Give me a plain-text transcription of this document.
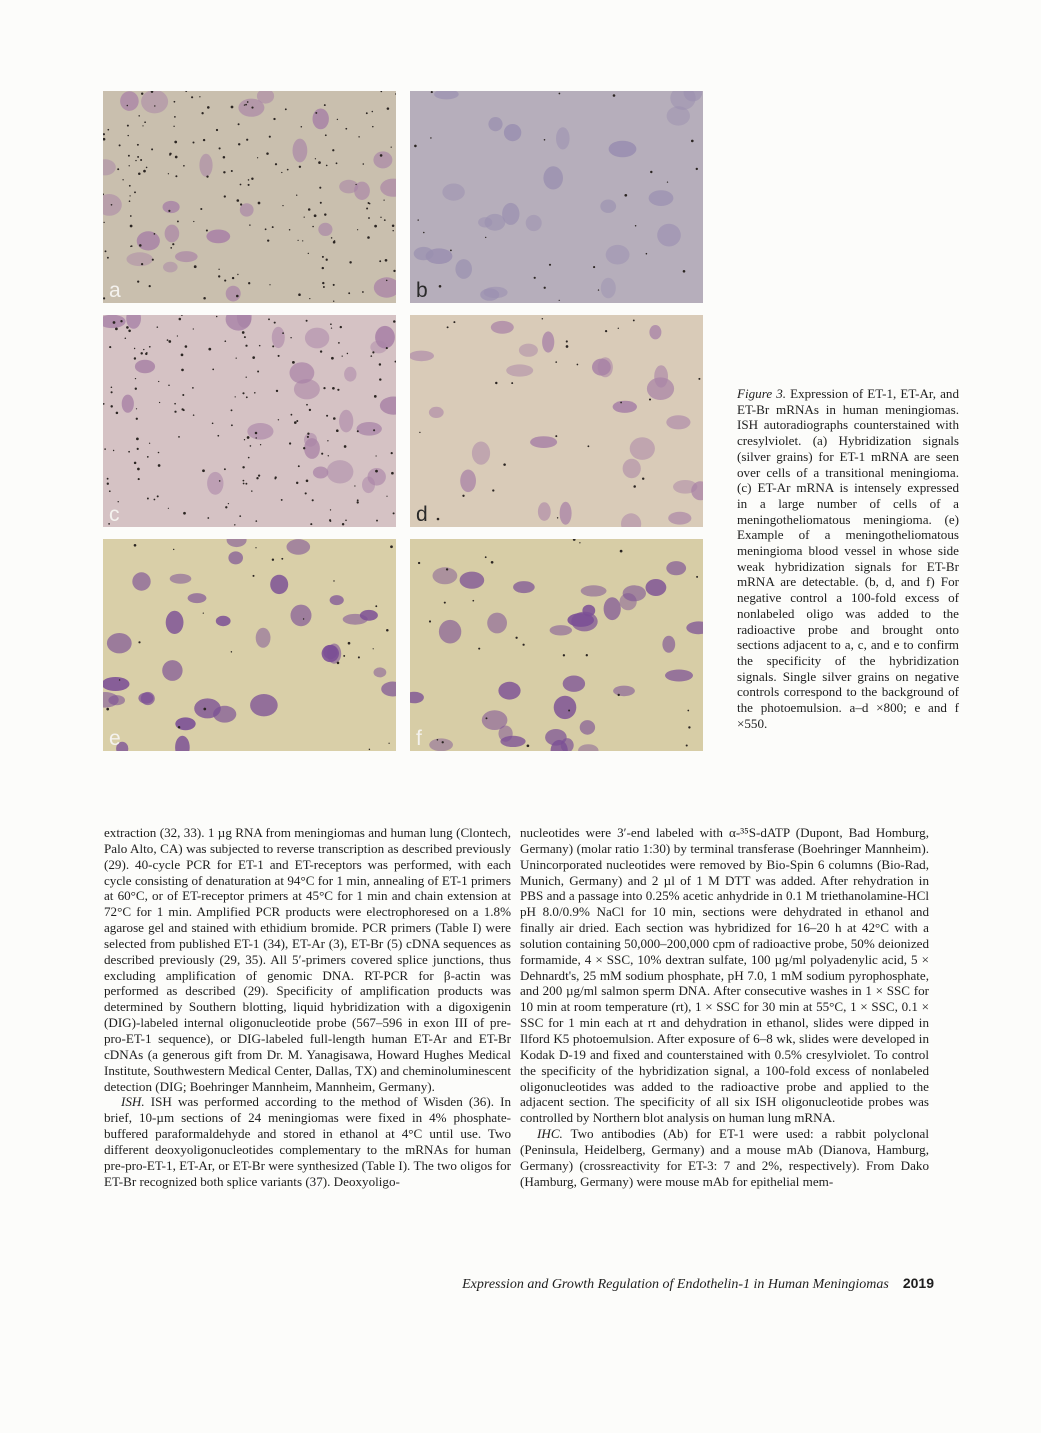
a	b
c	d
e	f
Figure 3. Expression of ET-1, ET-Ar, and ET-Br mRNAs in human meningiomas. ISH autoradiographs counterstained with cresylviolet. (a) Hybridization signals (silver grains) for ET-1 mRNA are seen over cells of a transitional meningioma. (c) ET-Ar mRNA is intensely expressed in a large number of cells of a meningotheliomatous meningioma. (e) Example of a meningotheliomatous meningioma blood vessel in whose side weak hybridization signals for ET-Br mRNA are detectable. (b, d, and f) For negative control a 100-fold excess of nonlabeled oligo was added to the radioactive probe and brought onto sections adjacent to a, c, and e to confirm the specificity of the hybridization signals. Single silver grains on negative controls correspond to the background of the photoemulsion. a–d ×800; e and f ×550.

extraction (32, 33). 1 µg RNA from meningiomas and human lung (Clontech, Palo Alto, CA) was subjected to reverse transcription as described previously (29). 40-cycle PCR for ET-1 and ET-receptors was performed, with each cycle consisting of denaturation at 94°C for 1 min, annealing of ET-1 primers at 60°C, or of ET-receptor primers at 45°C for 1 min and chain extension at 72°C for 1 min. Amplified PCR products were electrophoresed on a 1.8% agarose gel and stained with ethidium bromide. PCR primers (Table I) were selected from published ET-1 (34), ET-Ar (3), ET-Br (5) cDNA sequences as described previously (29, 35). All 5′-primers covered splice junctions, thus excluding amplification of genomic DNA. RT-PCR for β-actin was performed as described (29). Specificity of amplification products was determined by Southern blotting, liquid hybridization with a digoxigenin (DIG)-labeled internal oligonucleotide probe (567–596 in exon III of pre-pro-ET-1 sequence), or DIG-labeled full-length human ET-Ar and ET-Br cDNAs (a generous gift from Dr. M. Yanagisawa, Howard Hughes Medical Institute, Southwestern Medical Center, Dallas, TX) and cheminoluminescent detection (DIG; Boehringer Mannheim, Mannheim, Germany).

ISH. ISH was performed according to the method of Wisden (36). In brief, 10-µm sections of 24 meningiomas were fixed in 4% phosphate-buffered paraformaldehyde and stored in ethanol at 4°C until use. Two different deoxyoligonucleotides complementary to the mRNAs for human pre-pro-ET-1, ET-Ar, or ET-Br were synthesized (Table I). The two oligos for ET-Br recognized both splice variants (37). Deoxyoligo-

nucleotides were 3′-end labeled with α-³⁵S-dATP (Dupont, Bad Homburg, Germany) (molar ratio 1:30) by terminal transferase (Boehringer Mannheim). Unincorporated nucleotides were removed by Bio-Spin 6 columns (Bio-Rad, Munich, Germany) and 2 µl of 1 M DTT was added. After rehydration in PBS and a passage into 0.25% acetic anhydride in 0.1 M triethanolamine-HCl pH 8.0/0.9% NaCl for 10 min, sections were dehydrated in ethanol and finally air dried. Each section was hybridized for 16–20 h at 42°C with a solution containing 50,000–200,000 cpm of radioactive probe, 50% deionized formamide, 4 × SSC, 10% dextran sulfate, 100 µg/ml polyadenylic acid, 5 × Dehnardt's, 25 mM sodium phosphate, pH 7.0, 1 mM sodium pyrophosphate, and 200 µg/ml salmon sperm DNA. After consecutive washes in 1 × SSC for 10 min at room temperature (rt), 1 × SSC for 30 min at 55°C, 1 × SSC, 0.1 × SSC for 1 min each at rt and dehydration in ethanol, slides were dipped in Ilford K5 photoemulsion. After exposure of 6–8 wk, slides were developed in Kodak D-19 and fixed and counterstained with 0.5% cresylviolet. To control the specificity of the hybridization signal, a 100-fold excess of nonlabeled oligonucleotides was added to the radioactive probe and applied to the adjacent section. The specificity of all six ISH oligonucleotide probes was controlled by Northern blot analysis on human lung mRNA.

IHC. Two antibodies (Ab) for ET-1 were used: a rabbit polyclonal (Peninsula, Heidelberg, Germany) and a mouse mAb (Dianova, Hamburg, Germany) (crossreactivity for ET-3: 7 and 2%, respectively). From Dako (Hamburg, Germany) were mouse mAb for epithelial mem-

Expression and Growth Regulation of Endothelin-1 in Human Meningiomas 2019
